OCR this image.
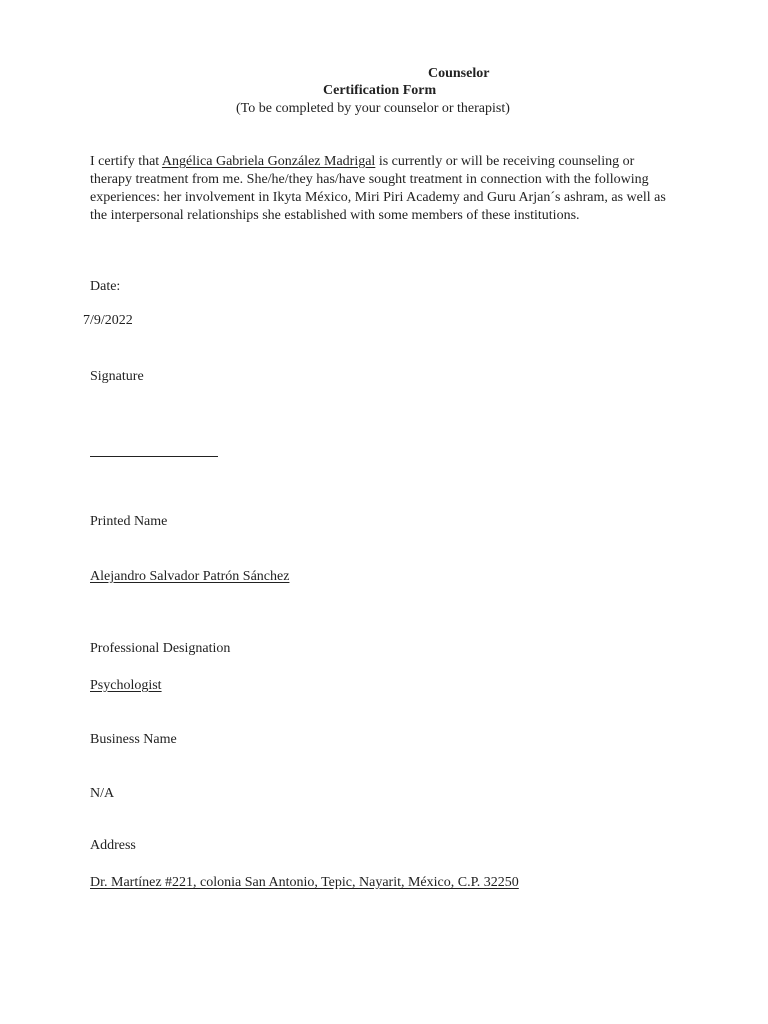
Counselor
Certification Form
(To be completed by your counselor or therapist)
I certify that Angélica Gabriela González Madrigal is currently or will be receiving counseling or therapy treatment from me. She/he/they has/have sought treatment in connection with the following experiences: her involvement in Ikyta México, Miri Piri Academy and Guru Arjan´s ashram, as well as the interpersonal relationships she established with some members of these institutions.
Date:
7/9/2022
Signature
Printed Name
Alejandro Salvador Patrón Sánchez
Professional Designation
Psychologist
Business Name
N/A
Address
Dr. Martínez #221, colonia San Antonio, Tepic, Nayarit, México, C.P. 32250
